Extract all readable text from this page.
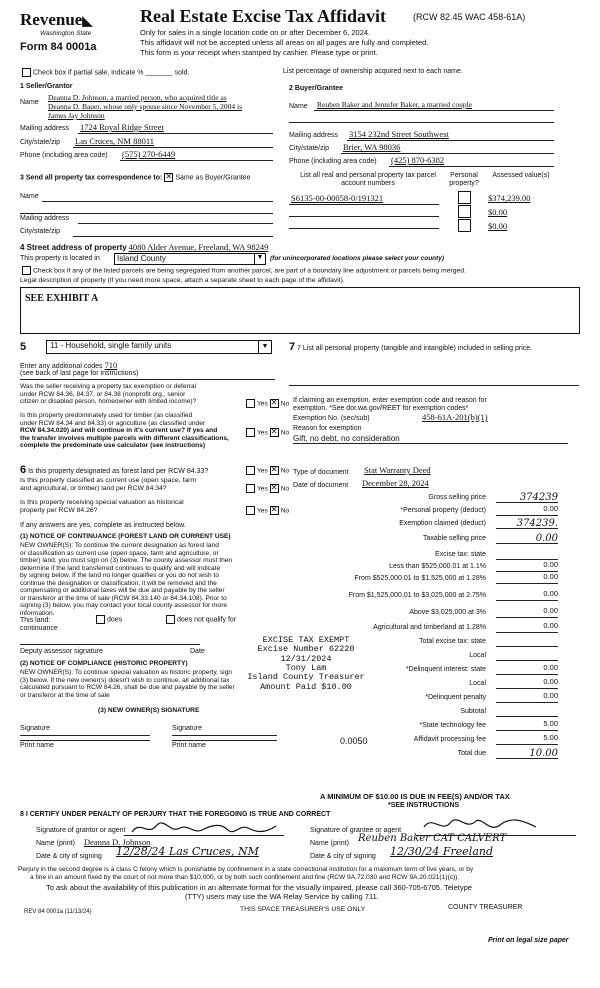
Revenue◣
Washington State
Form 84 0001a
Real Estate Excise Tax Affidavit	(RCW 82.45 WAC 458-61A)
Only for sales in a single location code on or after December 6, 2024.
This affidavit will not be accepted unless all areas on all pages are fully and completed.
This form is your receipt when stamped by cashier. Please type or print.
Check box if partial sale, indicate % _______ sold.	List percentage of ownership acquired next to each name.
1 Seller/Grantor
Name
Deanna D. Johnson, a married person, who acquired title as
Deanna D. Bauer, whose only spouse since November 5, 2004 is
James Jay Johnson
Mailing address 1724 Royal Ridge Street
City/state/zip Las Cruces, NM 88011
Phone (including area code) (575) 270-6449
2 Buyer/Grantee
Name Reuben Baker and Jennifer Baker, a married couple
Mailing address 3154 232nd Street Southwest
City/state/zip Brier, WA 98036
Phone (including area code) (425) 870-6382
3 Send all property tax correspondence to: ✕ Same as Buyer/Grantee
Name
Mailing address
City/state/zip
List all real and personal property tax parcel account numbers
Personal property?
Assessed value(s)
S6135-00-00058-0/191321	$374,239.00
$0.00
$0.00
4 Street address of property 4080 Alder Avenue, Freeland, WA 98249
This property is located in	Island County	▼ (for unincorporated locations please select your county)
Check box if any of the listed parcels are being segregated from another parcel, are part of a boundary line adjustment or parcels being merged.
Legal description of property (if you need more space, attach a separate sheet to each page of the affidavit).
SEE EXHIBIT A
5	11 - Household, single family units	▼
Enter any additional codes 710
(see back of last page for instructions)
Was the seller receiving a property tax exemption or deferral
under RCW 84.36, 84.37, or 84.38 (nonprofit org., senior
citizen or disabled person, homeowner with limited income)?	Yes ✕ No
Is this property predominately used for timber (as classified
under RCW 84.34 and 84.33) or agriculture (as classified under
RCW 84.34.020) and will continue in it's current use? If yes and
the transfer involves multiple parcels with different classifications,
complete the predominate use calculator (see instructions)
Yes ✕ No
6 Is this property designated as forest land per RCW 84.33?	Yes ✕ No
Is this property classified as current use (open space, farm
and agricultural, or timber) land per RCW 84.34?	Yes ✕ No
Is this property receiving special valuation as historical
property per RCW 84.26?	Yes ✕ No
If any answers are yes, complete as instructed below.
(1) NOTICE OF CONTINUANCE (FOREST LAND OR CURRENT USE)
NEW OWNER(S): To continue the current designation as forest land
or classification as current use (open space, farm and agriculture, or
timber) land, you must sign on (3) below. The county assessor must then
determine if the land transferred continues to qualify and will indicate
by signing below. If the land no longer qualifies or you do not wish to
continue the designation or classification, it will be removed and the
compensating or additional taxes will be due and payable by the seller
or transferor at the time of sale (RCW 84.33.140 or 84.34.108). Prior to
signing (3) below, you may contact your local county assessor for more
information.
This land:
continuance
does	does not qualify for
Deputy assessor signature	Date
(2) NOTICE OF COMPLIANCE (HISTORIC PROPERTY)
NEW OWNER(S): To continue special valuation as historic property, sign
(3) below. If the new owner(s) doesn't wish to continue, all additional tax
calculated pursuant to RCW 84.26, shall be due and payable by the seller
or transferor at the time of sale
(3) NEW OWNER(S) SIGNATURE
Signature	Signature
Print name	Print name
7 7 List all personal property (tangible and intangible) included in selling price.
If claiming an exemption, enter exemption code and reason for
exemption. *See dor.wa.gov/REET for exemption codes*
Exemption No. (sec/sub)	458-61A-201(b)(1)
Reason for exemption
Gift, no debt, no consideration
Type of document Stat Warranty Deed
Date of document December 28, 2024
Gross selling price	374239
*Personal property (deduct)	0.00
Exemption claimed (deduct)	374239.
Taxable selling price	0.00
Excise tax: state
Less than $525,000.01 at 1.1%	0.00
From $525,000.01 to $1,525,000 at 1.28%	0.00
From $1,525,000.01 to $3,025,000 at 2.75%	0.00
Above $3,025,000 at 3%	0.00
Agricultural and timberland at 1.28%	0.00
Total excise tax: state
Local
*Delinquent interest: state	0.00
Local	0.00
*Delinquent penalty	0.00
Subtotal
*State technology fee	5.00
Affidavit processing fee	5.00
Total due	10.00
0.0050
A MINIMUM OF $10.00 IS DUE IN FEE(S) AND/OR TAX
*SEE INSTRUCTIONS
EXCISE TAX EXEMPT
Excise Number 62220
12/31/2024
Tony Lam
Island County Treasurer
Amount Paid $10.00
8 I CERTIFY UNDER PENALTY OF PERJURY THAT THE FOREGOING IS TRUE AND CORRECT
Signature of grantor or agent
Name (print) Deanna D. Johnson
Date & city of signing 12/28/24 Las Cruces, NM
Signature of grantee or agent
Name (print) Reuben Baker CAT CALVERT
Date & city of signing 12/30/24 Freeland
Perjury in the second degree is a class C felony which is punishable by confinement in a state correctional institution for a maximum term of five years, or by
a fine in an amount fixed by the court of not more than $10,000, or by both such confinement and fine (RCW 9A.72.030 and RCW 9A.20.021(1)(c)).
To ask about the availability of this publication in an alternate format for the visually impaired, please call 360-705-6705. Teletype
(TTY) users may use the WA Relay Service by calling 711.
REV 84 0001a (11/13/24)	THIS SPACE TREASURER'S USE ONLY	COUNTY TREASURER
Print on legal size paper
